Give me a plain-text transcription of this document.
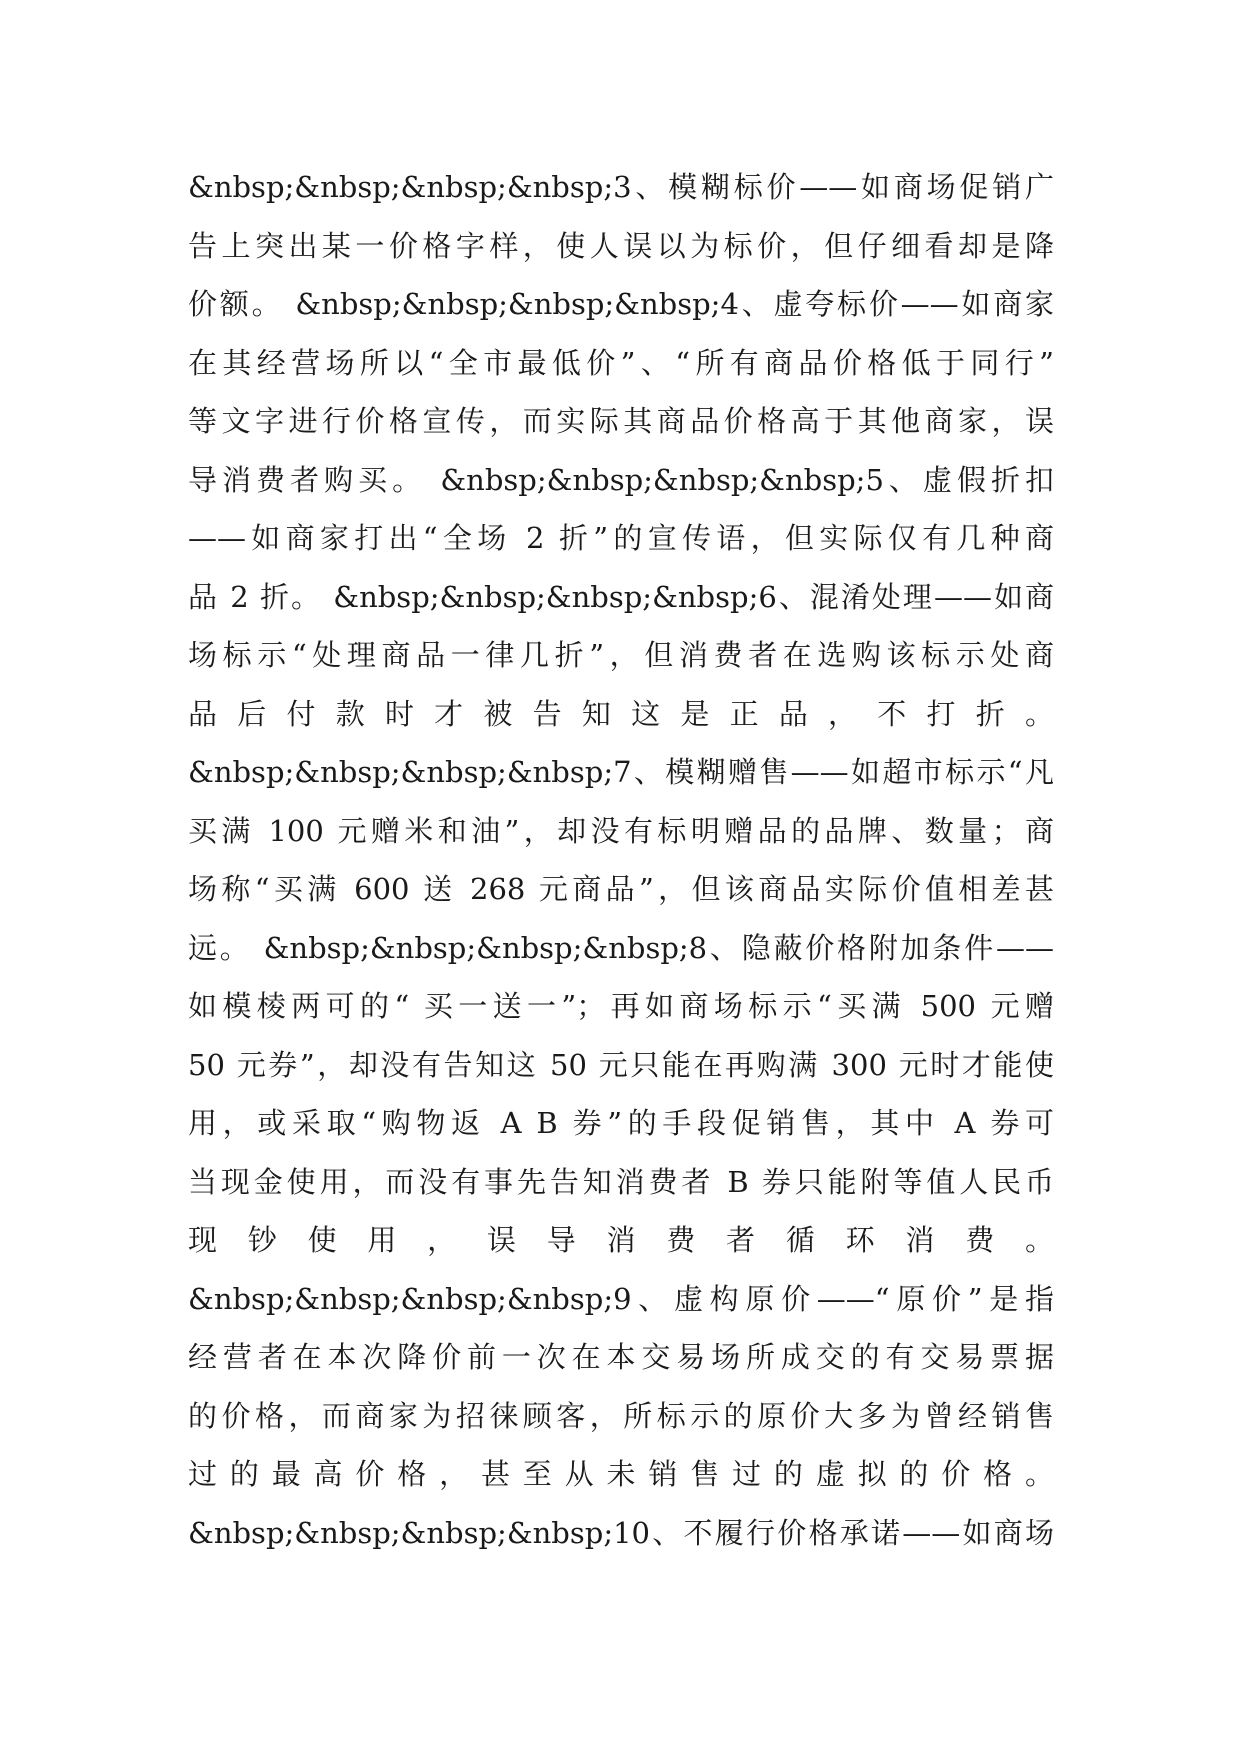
&nbsp;&nbsp;&nbsp;&nbsp;3、模糊标价——如商场促销广
告上突出某一价格字样，使人误以为标价，但仔细看却是降
价额。 &nbsp;&nbsp;&nbsp;&nbsp;4、虚夸标价——如商家
在其经营场所以“全市最低价”、“所有商品价格低于同行”
等文字进行价格宣传，而实际其商品价格高于其他商家，误
导消费者购买。 &nbsp;&nbsp;&nbsp;&nbsp;5、虚假折扣
——如商家打出“全场 2 折”的宣传语，但实际仅有几种商
品 2 折。 &nbsp;&nbsp;&nbsp;&nbsp;6、混淆处理——如商
场标示“处理商品一律几折”，但消费者在选购该标示处商
品后付款时才被告知这是正品，不打折。
&nbsp;&nbsp;&nbsp;&nbsp;7、模糊赠售——如超市标示“凡
买满 100 元赠米和油”，却没有标明赠品的品牌、数量；商
场称“买满 600 送 268 元商品”，但该商品实际价值相差甚
远。 &nbsp;&nbsp;&nbsp;&nbsp;8、隐蔽价格附加条件——
如模棱两可的“ 买一送一”；再如商场标示“买满 500 元赠
50 元券”，却没有告知这 50 元只能在再购满 300 元时才能使
用，或采取“购物返 A B 券”的手段促销售，其中 A 券可
当现金使用，而没有事先告知消费者 B 券只能附等值人民币
现钞使用，误导消费者循环消费。
&nbsp;&nbsp;&nbsp;&nbsp;9、虚构原价——“原价”是指
经营者在本次降价前一次在本交易场所成交的有交易票据
的价格，而商家为招徕顾客，所标示的原价大多为曾经销售
过的最高价格，甚至从未销售过的虚拟的价格。
&nbsp;&nbsp;&nbsp;&nbsp;10、不履行价格承诺——如商场
